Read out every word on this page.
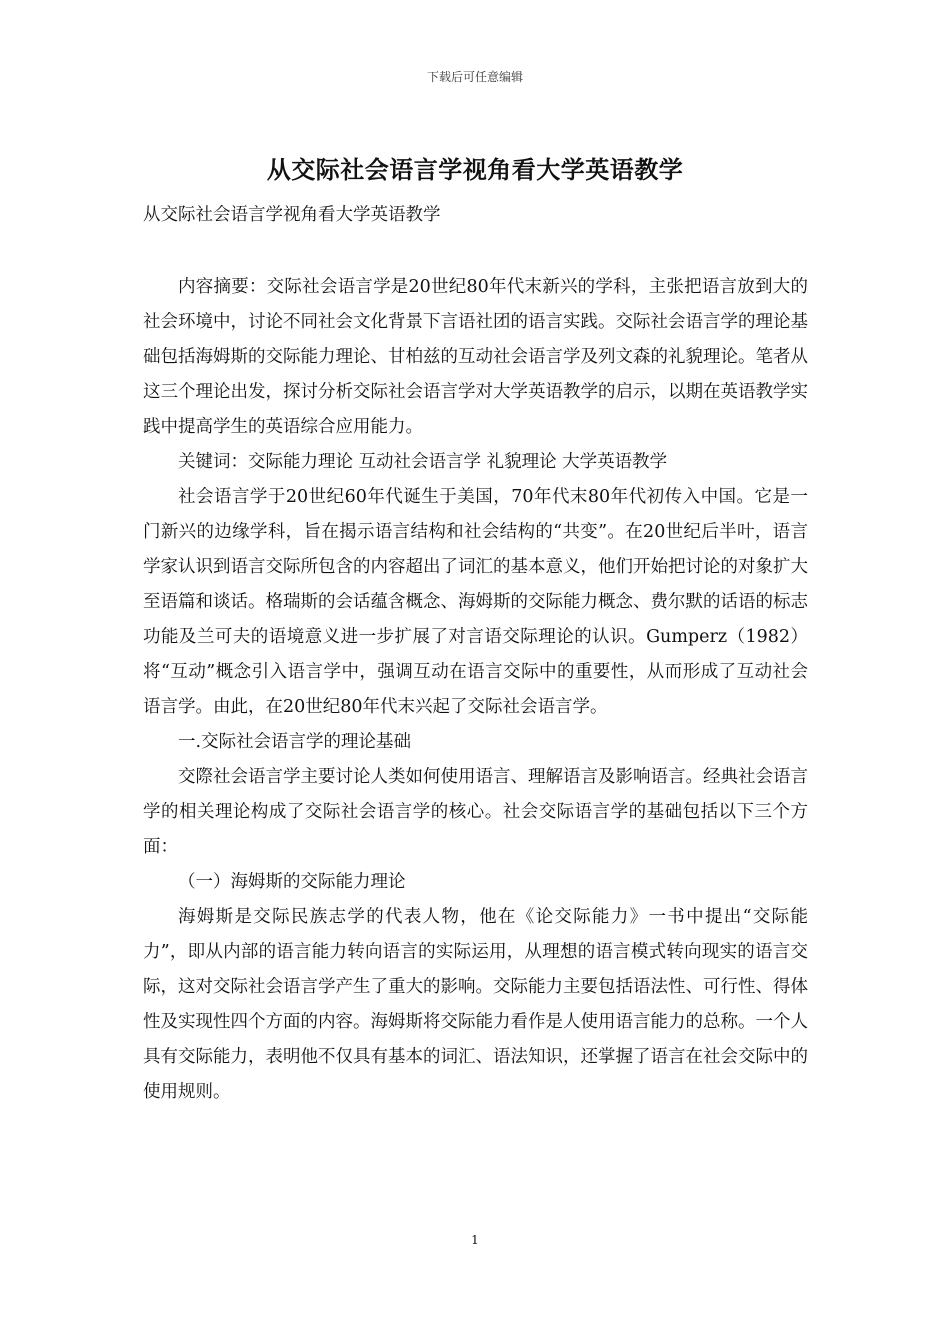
下载后可任意编辑
从交际社会语言学视角看大学英语教学
从交际社会语言学视角看大学英语教学

内容摘要：交际社会语言学是20世纪80年代末新兴的学科，主张把语言放到大的社会环境中，讨论不同社会文化背景下言语社团的语言实践。交际社会语言学的理论基础包括海姆斯的交际能力理论、甘柏兹的互动社会语言学及列文森的礼貌理论。笔者从这三个理论出发，探讨分析交际社会语言学对大学英语教学的启示，以期在英语教学实践中提高学生的英语综合应用能力。

关键词：交际能力理论 互动社会语言学 礼貌理论 大学英语教学

社会语言学于20世纪60年代诞生于美国，70年代末80年代初传入中国。它是一门新兴的边缘学科，旨在揭示语言结构和社会结构的“共变”。在20世纪后半叶，语言学家认识到语言交际所包含的内容超出了词汇的基本意义，他们开始把讨论的对象扩大至语篇和谈话。格瑞斯的会话蕴含概念、海姆斯的交际能力概念、费尔默的话语的标志功能及兰可夫的语境意义进一步扩展了对言语交际理论的认识。Gumperz（1982）将“互动”概念引入语言学中，强调互动在语言交际中的重要性，从而形成了互动社会语言学。由此，在20世纪80年代末兴起了交际社会语言学。

一.交际社会语言学的理论基础

交際社会语言学主要讨论人类如何使用语言、理解语言及影响语言。经典社会语言学的相关理论构成了交际社会语言学的核心。社会交际语言学的基础包括以下三个方面：

（一）海姆斯的交际能力理论

海姆斯是交际民族志学的代表人物，他在《论交际能力》一书中提出“交际能力”，即从内部的语言能力转向语言的实际运用，从理想的语言模式转向现实的语言交际，这对交际社会语言学产生了重大的影响。交际能力主要包括语法性、可行性、得体性及实现性四个方面的内容。海姆斯将交际能力看作是人使用语言能力的总称。一个人具有交际能力，表明他不仅具有基本的词汇、语法知识，还掌握了语言在社会交际中的使用规则。

1
